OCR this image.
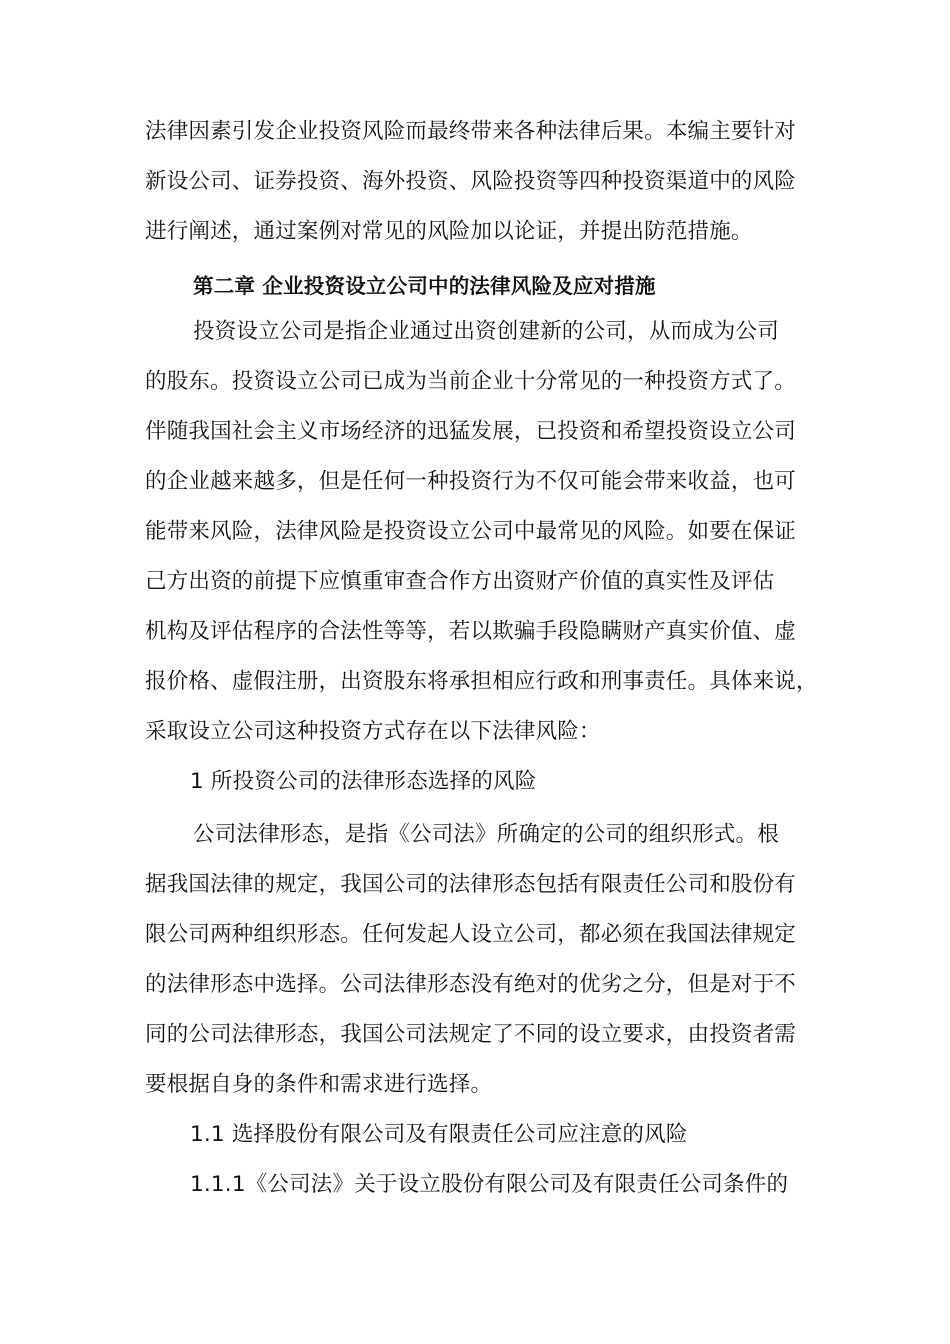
法律因素引发企业投资风险而最终带来各种法律后果。本编主要针对
新设公司、证券投资、海外投资、风险投资等四种投资渠道中的风险
进行阐述，通过案例对常见的风险加以论证，并提出防范措施。
第二章 企业投资设立公司中的法律风险及应对措施
投资设立公司是指企业通过出资创建新的公司，从而成为公司
的股东。投资设立公司已成为当前企业十分常见的一种投资方式了。
伴随我国社会主义市场经济的迅猛发展，已投资和希望投资设立公司
的企业越来越多，但是任何一种投资行为不仅可能会带来收益，也可
能带来风险，法律风险是投资设立公司中最常见的风险。如要在保证
己方出资的前提下应慎重审查合作方出资财产价值的真实性及评估
机构及评估程序的合法性等等，若以欺骗手段隐瞒财产真实价值、虚
报价格、虚假注册，出资股东将承担相应行政和刑事责任。具体来说，
采取设立公司这种投资方式存在以下法律风险：
1 所投资公司的法律形态选择的风险
公司法律形态，是指《公司法》所确定的公司的组织形式。根
据我国法律的规定，我国公司的法律形态包括有限责任公司和股份有
限公司两种组织形态。任何发起人设立公司，都必须在我国法律规定
的法律形态中选择。公司法律形态没有绝对的优劣之分，但是对于不
同的公司法律形态，我国公司法规定了不同的设立要求，由投资者需
要根据自身的条件和需求进行选择。
1.1 选择股份有限公司及有限责任公司应注意的风险
1.1.1《公司法》关于设立股份有限公司及有限责任公司条件的
